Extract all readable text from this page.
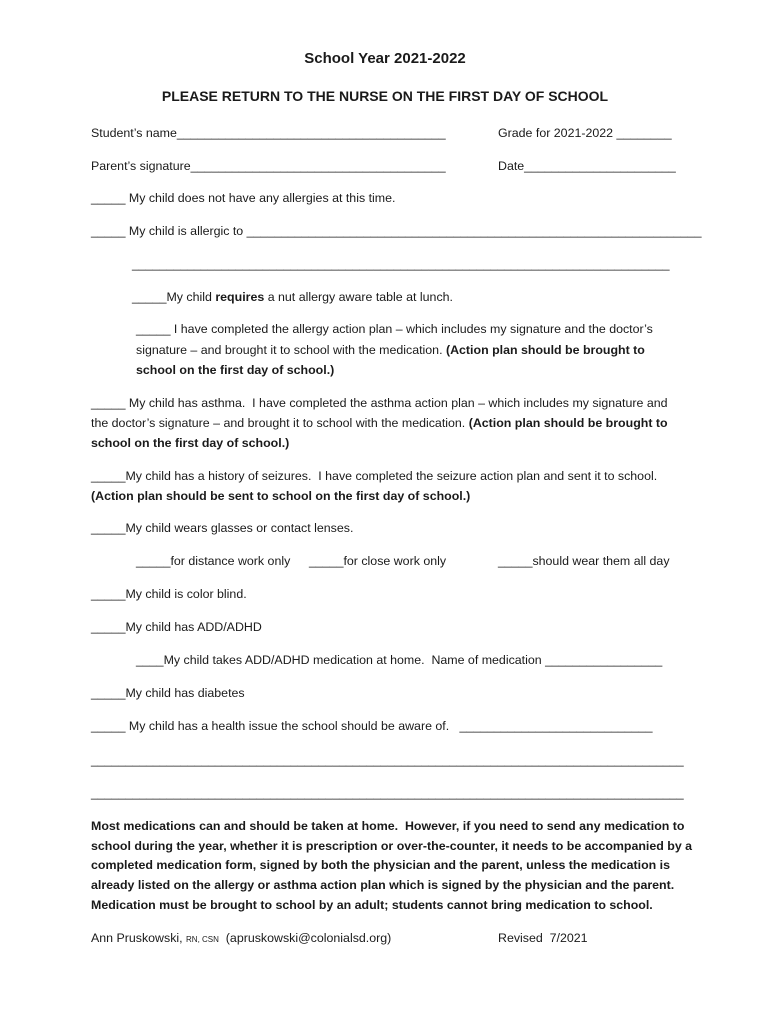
School Year 2021-2022
PLEASE RETURN TO THE NURSE ON THE FIRST DAY OF SCHOOL
Student’s name_______________________________________	Grade for 2021-2022 ________
Parent’s signature_____________________________________	Date______________________
_____ My child does not have any allergies at this time.
_____ My child is allergic to __________________________________________________________________
______________________________________________________________________________
_____My child requires a nut allergy aware table at lunch.
_____ I have completed the allergy action plan – which includes my signature and the doctor’s
signature – and brought it to school with the medication. (Action plan should be brought to
school on the first day of school.)
_____ My child has asthma.  I have completed the asthma action plan – which includes my signature and
the doctor’s signature – and brought it to school with the medication. (Action plan should be brought to
school on the first day of school.)
_____My child has a history of seizures.  I have completed the seizure action plan and sent it to school.
(Action plan should be sent to school on the first day of school.)
_____My child wears glasses or contact lenses.
_____for distance work only _____for close work only	_____should wear them all day
_____My child is color blind.
_____My child has ADD/ADHD
____My child takes ADD/ADHD medication at home.  Name of medication _________________
_____My child has diabetes
_____ My child has a health issue the school should be aware of.   ____________________________
______________________________________________________________________________________
______________________________________________________________________________________
Most medications can and should be taken at home.  However, if you need to send any medication to
school during the year, whether it is prescription or over-the-counter, it needs to be accompanied by a
completed medication form, signed by both the physician and the parent, unless the medication is
already listed on the allergy or asthma action plan which is signed by the physician and the parent.
Medication must be brought to school by an adult; students cannot bring medication to school.
Ann Pruskowski, RN, CSN  (apruskowski@colonialsd.org)	Revised  7/2021
